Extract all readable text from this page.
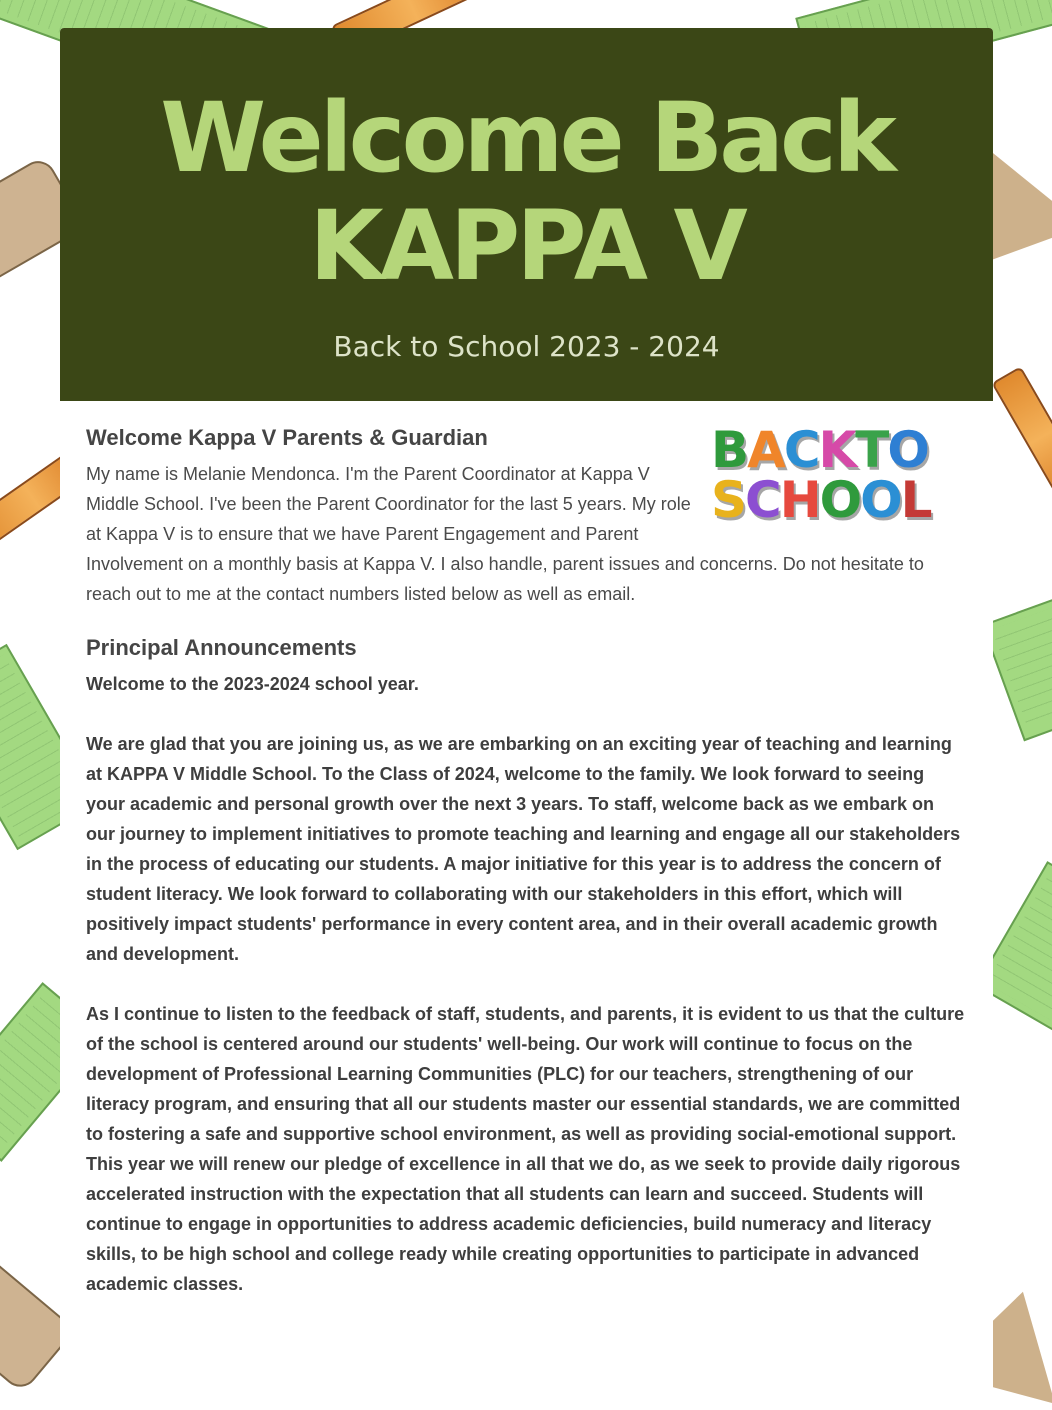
Welcome Back
KAPPA V
Back to School 2023 - 2024
BACKTO
SCHOOL
Welcome Kappa V Parents & Guardian

My name is Melanie Mendonca. I'm the Parent Coordinator at Kappa V Middle School. I've been the Parent Coordinator for the last 5 years. My role at Kappa V is to ensure that we have Parent Engagement and Parent Involvement on a monthly basis at Kappa V. I also handle, parent issues and concerns. Do not hesitate to reach out to me at the contact numbers listed below as well as email.

Principal Announcements

Welcome to the 2023-2024 school year.

We are glad that you are joining us, as we are embarking on an exciting year of teaching and learning at KAPPA V Middle School. To the Class of 2024, welcome to the family. We look forward to seeing your academic and personal growth over the next 3 years. To staff, welcome back as we embark on our journey to implement initiatives to promote teaching and learning and engage all our stakeholders in the process of educating our students. A major initiative for this year is to address the concern of student literacy. We look forward to collaborating with our stakeholders in this effort, which will positively impact students' performance in every content area, and in their overall academic growth and development.

As I continue to listen to the feedback of staff, students, and parents, it is evident to us that the culture of the school is centered around our students' well-being. Our work will continue to focus on the development of Professional Learning Communities (PLC) for our teachers, strengthening of our literacy program, and ensuring that all our students master our essential standards, we are committed to fostering a safe and supportive school environment, as well as providing social-emotional support. This year we will renew our pledge of excellence in all that we do, as we seek to provide daily rigorous accelerated instruction with the expectation that all students can learn and succeed. Students will continue to engage in opportunities to address academic deficiencies, build numeracy and literacy skills, to be high school and college ready while creating opportunities to participate in advanced academic classes.
